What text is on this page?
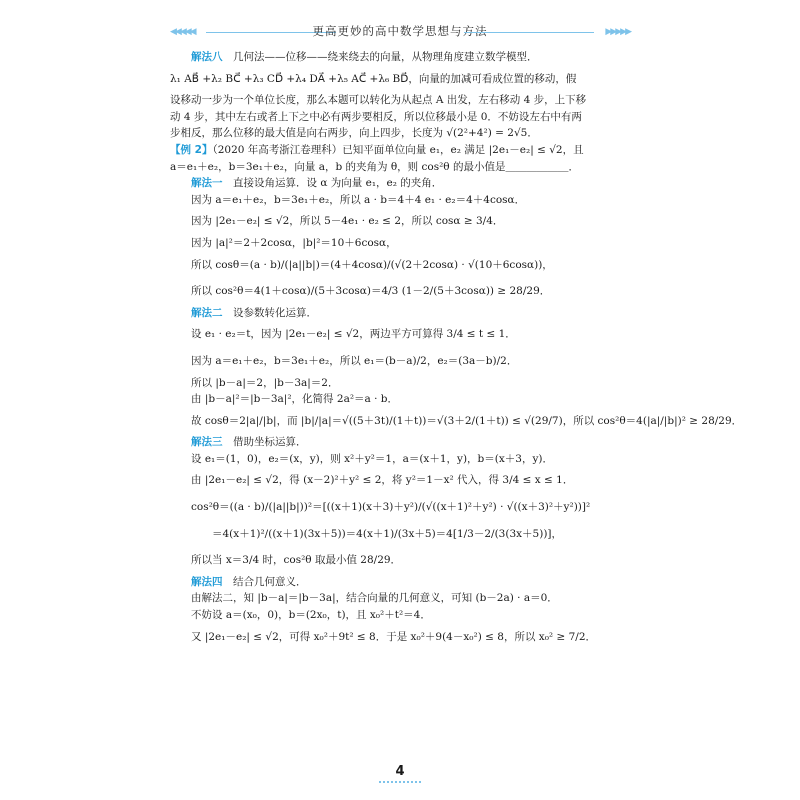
◀◀◀◀◀	更高更妙的高中数学思想与方法	▶▶▶▶▶
解法八　几何法——位移——绕来绕去的向量，从物理角度建立数学模型．
λ₁ AB⃗ +λ₂ BC⃗ +λ₃ CD⃗ +λ₄ DA⃗ +λ₅ AC⃗ +λ₆ BD⃗，向量的加减可看成位置的移动，假
设移动一步为一个单位长度，那么本题可以转化为从起点 A 出发，左右移动 4 步，上下移
动 4 步，其中左右或者上下之中必有两步要相反，所以位移最小是 0．不妨设左右中有两
步相反，那么位移的最大值是向右两步，向上四步，长度为 √(2²+4²) = 2√5．
【例 2】（2020 年高考浙江卷理科）已知平面单位向量 e₁，e₂ 满足 |2e₁－e₂| ≤ √2，且
a＝e₁＋e₂，b＝3e₁＋e₂，向量 a，b 的夹角为 θ，则 cos²θ 的最小值是＿＿＿＿＿＿．
解法一　直接设角运算．设 α 为向量 e₁，e₂ 的夹角．
因为 a＝e₁＋e₂，b＝3e₁＋e₂，所以 a · b＝4＋4 e₁ · e₂＝4＋4cosα．
因为 |2e₁－e₂| ≤ √2，所以 5－4e₁ · e₂ ≤ 2，所以 cosα ≥ 3/4．
因为 |a|²＝2＋2cosα，|b|²＝10＋6cosα，
所以 cosθ＝(a · b)/(|a||b|)＝(4＋4cosα)/(√(2＋2cosα) · √(10＋6cosα))，
所以 cos²θ＝4(1＋cosα)/(5＋3cosα)＝4/3 (1－2/(5＋3cosα)) ≥ 28/29．
解法二　设参数转化运算．
设 e₁ · e₂＝t，因为 |2e₁－e₂| ≤ √2，两边平方可算得 3/4 ≤ t ≤ 1．
因为 a＝e₁＋e₂，b＝3e₁＋e₂，所以 e₁＝(b－a)/2，e₂＝(3a－b)/2．
所以 |b－a|＝2，|b－3a|＝2．
由 |b－a|²＝|b－3a|²，化简得 2a²＝a · b．
故 cosθ＝2|a|/|b|，而 |b|/|a|＝√((5＋3t)/(1＋t))＝√(3＋2/(1＋t)) ≤ √(29/7)，所以 cos²θ＝4(|a|/|b|)² ≥ 28/29．
解法三　借助坐标运算．
设 e₁＝(1，0)，e₂＝(x，y)，则 x²＋y²＝1，a＝(x＋1，y)，b＝(x＋3，y)．
由 |2e₁－e₂| ≤ √2，得 (x－2)²＋y² ≤ 2，将 y²＝1－x² 代入，得 3/4 ≤ x ≤ 1．
cos²θ＝((a · b)/(|a||b|))²＝[((x＋1)(x＋3)＋y²)/(√((x＋1)²＋y²) · √((x＋3)²＋y²))]²
　　＝4(x＋1)²/((x＋1)(3x＋5))＝4(x＋1)/(3x＋5)＝4[1/3－2/(3(3x＋5))]，
所以当 x＝3/4 时，cos²θ 取最小值 28/29．
解法四　结合几何意义．
由解法二，知 |b－a|＝|b－3a|，结合向量的几何意义，可知 (b－2a) · a＝0．
不妨设 a＝(x₀，0)，b＝(2x₀，t)，且 x₀²＋t²＝4．
又 |2e₁－e₂| ≤ √2，可得 x₀²＋9t² ≤ 8．于是 x₀²＋9(4－x₀²) ≤ 8，所以 x₀² ≥ 7/2．
4
